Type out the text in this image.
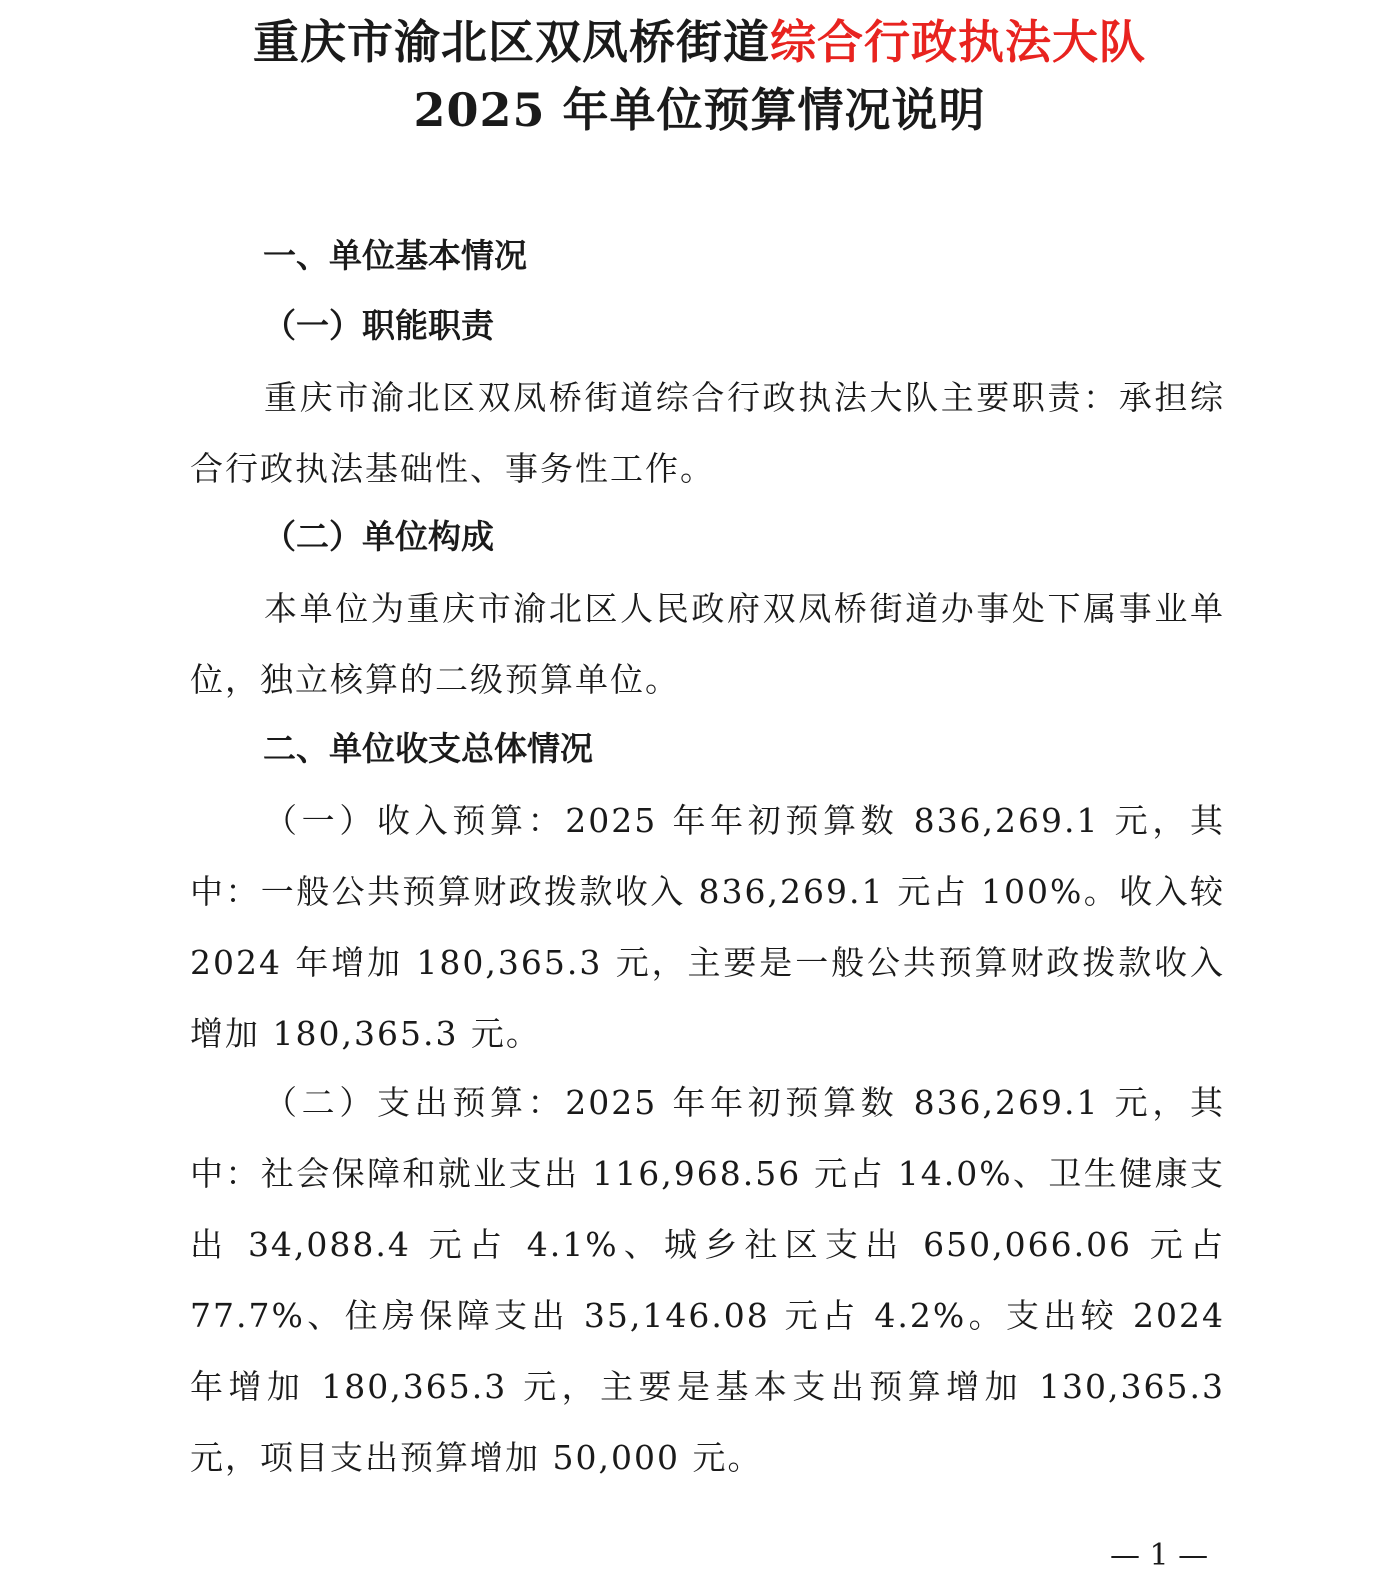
重庆市渝北区双凤桥街道综合行政执法大队
2025 年单位预算情况说明
一、单位基本情况
（一）职能职责

重庆市渝北区双凤桥街道综合行政执法大队主要职责：承担综合行政执法基础性、事务性工作。

（二）单位构成

本单位为重庆市渝北区人民政府双凤桥街道办事处下属事业单位，独立核算的二级预算单位。

二、单位收支总体情况

（一）收入预算：2025 年年初预算数 836,269.1 元，其中：一般公共预算财政拨款收入 836,269.1 元占 100%。收入较 2024 年增加 180,365.3 元，主要是一般公共预算财政拨款收入增加 180,365.3 元。

（二）支出预算：2025 年年初预算数 836,269.1 元，其中：社会保障和就业支出 116,968.56 元占 14.0%、卫生健康支出 34,088.4 元占 4.1%、城乡社区支出 650,066.06 元占 77.7%、住房保障支出 35,146.08 元占 4.2%。支出较 2024 年增加 180,365.3 元，主要是基本支出预算增加 130,365.3 元，项目支出预算增加 50,000 元。

— 1 —
